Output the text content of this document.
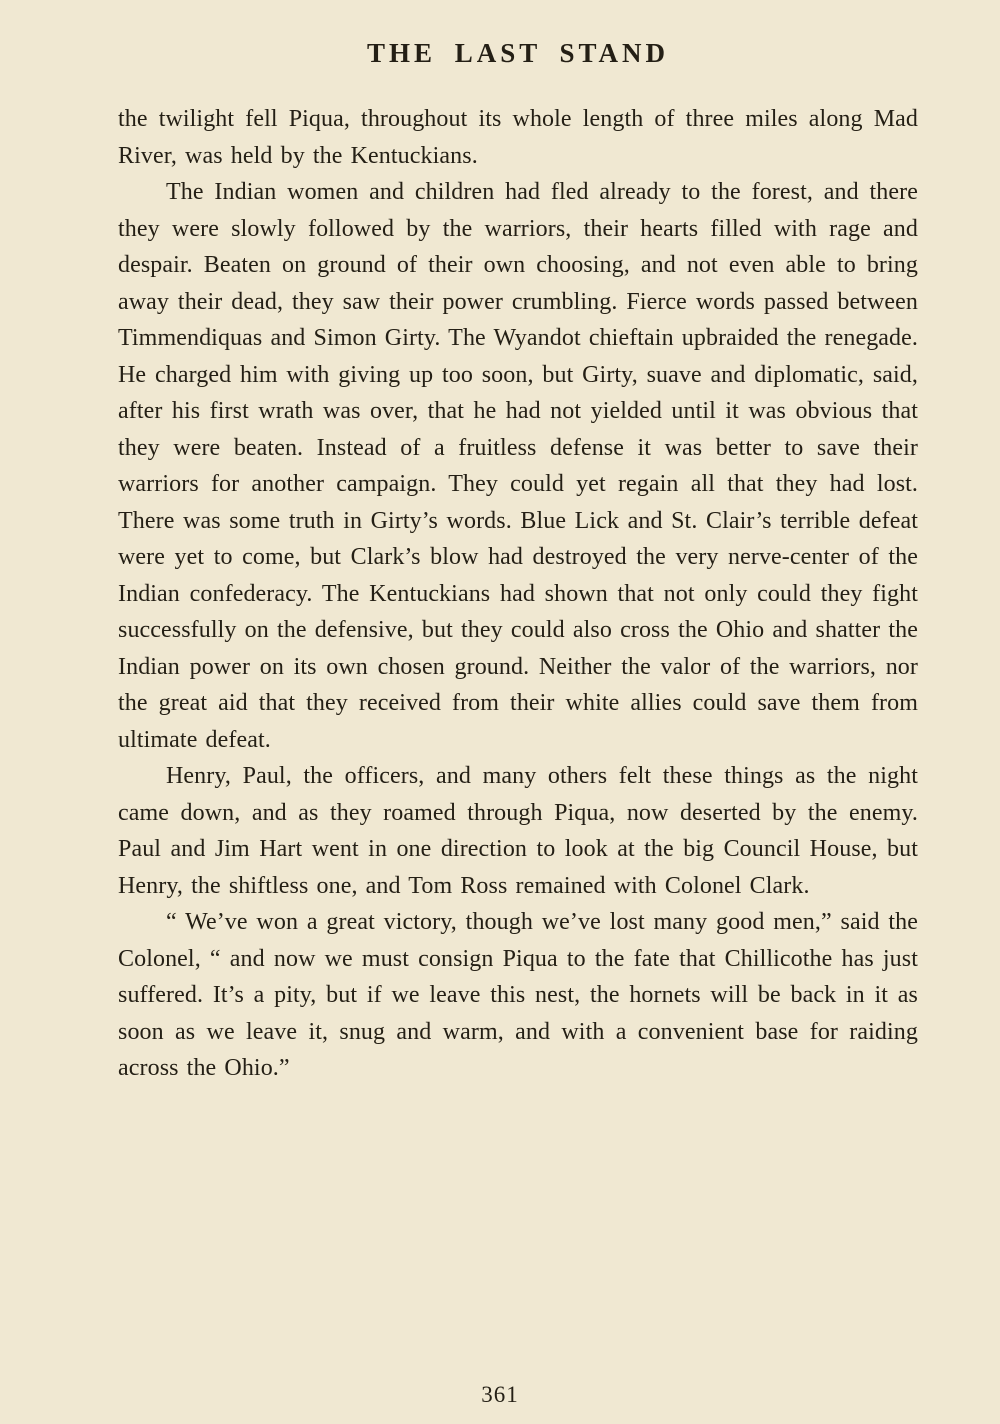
THE LAST STAND

the twilight fell Piqua, throughout its whole length of three miles along Mad River, was held by the Kentuckians.

The Indian women and children had fled already to the forest, and there they were slowly followed by the warriors, their hearts filled with rage and despair. Beaten on ground of their own choosing, and not even able to bring away their dead, they saw their power crumbling. Fierce words passed between Timmendiquas and Simon Girty. The Wyandot chieftain upbraided the renegade. He charged him with giving up too soon, but Girty, suave and diplomatic, said, after his first wrath was over, that he had not yielded until it was obvious that they were beaten. Instead of a fruitless defense it was better to save their warriors for another campaign. They could yet regain all that they had lost. There was some truth in Girty’s words. Blue Lick and St. Clair’s terrible defeat were yet to come, but Clark’s blow had destroyed the very nerve-center of the Indian confederacy. The Kentuckians had shown that not only could they fight successfully on the defensive, but they could also cross the Ohio and shatter the Indian power on its own chosen ground. Neither the valor of the warriors, nor the great aid that they received from their white allies could save them from ultimate defeat.

Henry, Paul, the officers, and many others felt these things as the night came down, and as they roamed through Piqua, now deserted by the enemy. Paul and Jim Hart went in one direction to look at the big Council House, but Henry, the shiftless one, and Tom Ross remained with Colonel Clark.

“ We’ve won a great victory, though we’ve lost many good men,” said the Colonel, “ and now we must consign Piqua to the fate that Chillicothe has just suffered. It’s a pity, but if we leave this nest, the hornets will be back in it as soon as we leave it, snug and warm, and with a convenient base for raiding across the Ohio.”

361
